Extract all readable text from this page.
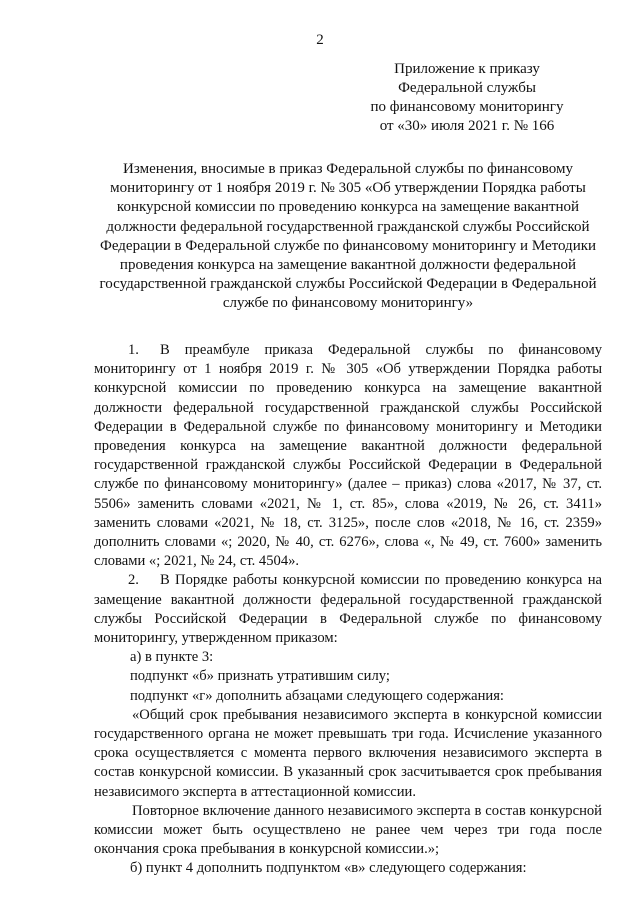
2
Приложение к приказу
Федеральной службы
по финансовому мониторингу
от «30» июля 2021 г. № 166
Изменения, вносимые в приказ Федеральной службы по финансовому
мониторингу от 1 ноября 2019 г. № 305 «Об утверждении Порядка работы
конкурсной комиссии по проведению конкурса на замещение вакантной
должности федеральной государственной гражданской службы Российской
Федерации в Федеральной службе по финансовому мониторингу и Методики
проведения конкурса на замещение вакантной должности федеральной
государственной гражданской службы Российской Федерации в Федеральной
службе по финансовому мониторингу»

1. В преамбуле приказа Федеральной службы по финансовому мониторингу от 1 ноября 2019 г. № 305 «Об утверждении Порядка работы конкурсной комиссии по проведению конкурса на замещение вакантной должности федеральной государственной гражданской службы Российской Федерации в Федеральной службе по финансовому мониторингу и Методики проведения конкурса на замещение вакантной должности федеральной государственной гражданской службы Российской Федерации в Федеральной службе по финансовому мониторингу» (далее – приказ) слова «2017, № 37, ст. 5506» заменить словами «2021, № 1, ст. 85», слова «2019, № 26, ст. 3411» заменить словами «2021, № 18, ст. 3125», после слов «2018, № 16, ст. 2359» дополнить словами «; 2020, № 40, ст. 6276», слова «, № 49, ст. 7600» заменить словами «; 2021, № 24, ст. 4504».

2. В Порядке работы конкурсной комиссии по проведению конкурса на замещение вакантной должности федеральной государственной гражданской службы Российской Федерации в Федеральной службе по финансовому мониторингу, утвержденном приказом:

а) в пункте 3:

подпункт «б» признать утратившим силу;

подпункт «г» дополнить абзацами следующего содержания:

«Общий срок пребывания независимого эксперта в конкурсной комиссии государственного органа не может превышать три года. Исчисление указанного срока осуществляется с момента первого включения независимого эксперта в состав конкурсной комиссии. В указанный срок засчитывается срок пребывания независимого эксперта в аттестационной комиссии.

Повторное включение данного независимого эксперта в состав конкурсной комиссии может быть осуществлено не ранее чем через три года после окончания срока пребывания в конкурсной комиссии.»;

б) пункт 4 дополнить подпунктом «в» следующего содержания:
